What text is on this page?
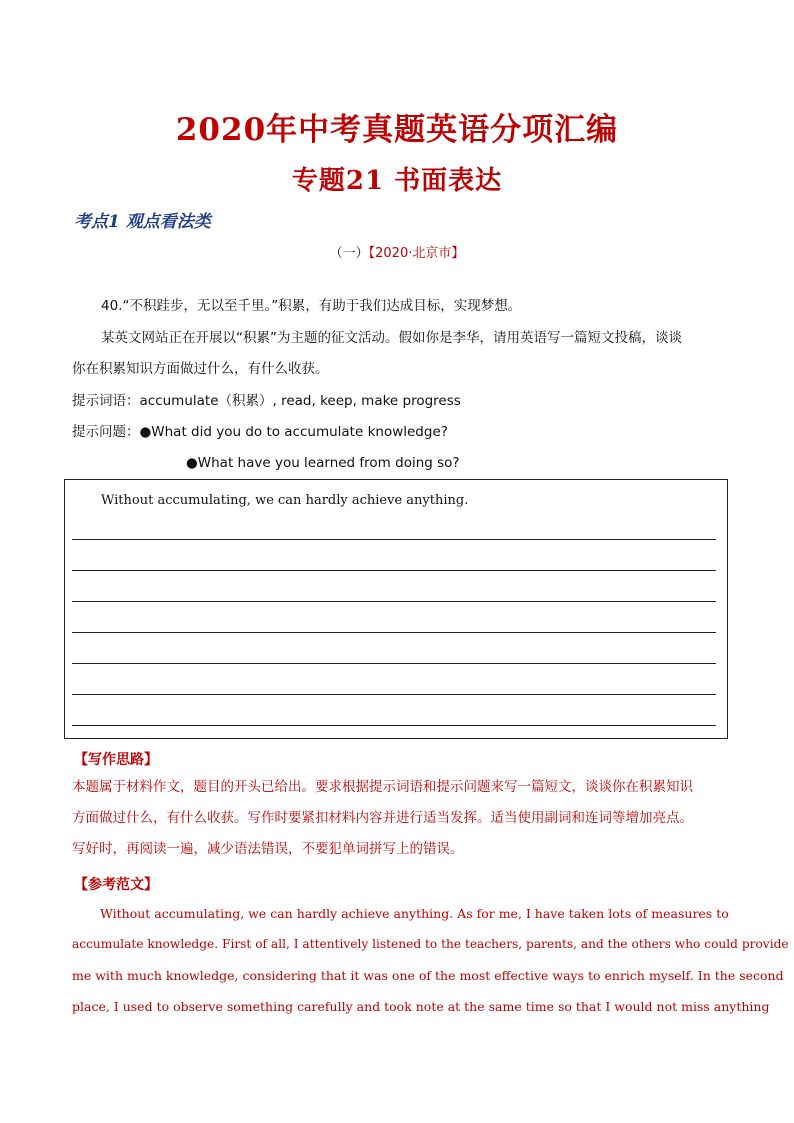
2020年中考真题英语分项汇编
专题21 书面表达
考点1 观点看法类
（一）【2020·北京市】
40.“不积跬步，无以至千里。”积累，有助于我们达成目标，实现梦想。
某英文网站正在开展以“积累”为主题的征文活动。假如你是李华，请用英语写一篇短文投稿，谈谈
你在积累知识方面做过什么，有什么收获。
提示词语：accumulate（积累）, read, keep, make progress
提示问题：●What did you do to accumulate knowledge?
●What have you learned from doing so?
Without accumulating, we can hardly achieve anything.
【写作思路】
本题属于材料作文，题目的开头已给出。要求根据提示词语和提示问题来写一篇短文，谈谈你在积累知识
方面做过什么，有什么收获。写作时要紧扣材料内容并进行适当发挥。适当使用副词和连词等增加亮点。
写好时，再阅读一遍，减少语法错误，不要犯单词拼写上的错误。
【参考范文】
Without accumulating, we can hardly achieve anything. As for me, I have taken lots of measures to
accumulate knowledge. First of all, I attentively listened to the teachers, parents, and the others who could provide
me with much knowledge, considering that it was one of the most effective ways to enrich myself. In the second
place, I used to observe something carefully and took note at the same time so that I would not miss anything
